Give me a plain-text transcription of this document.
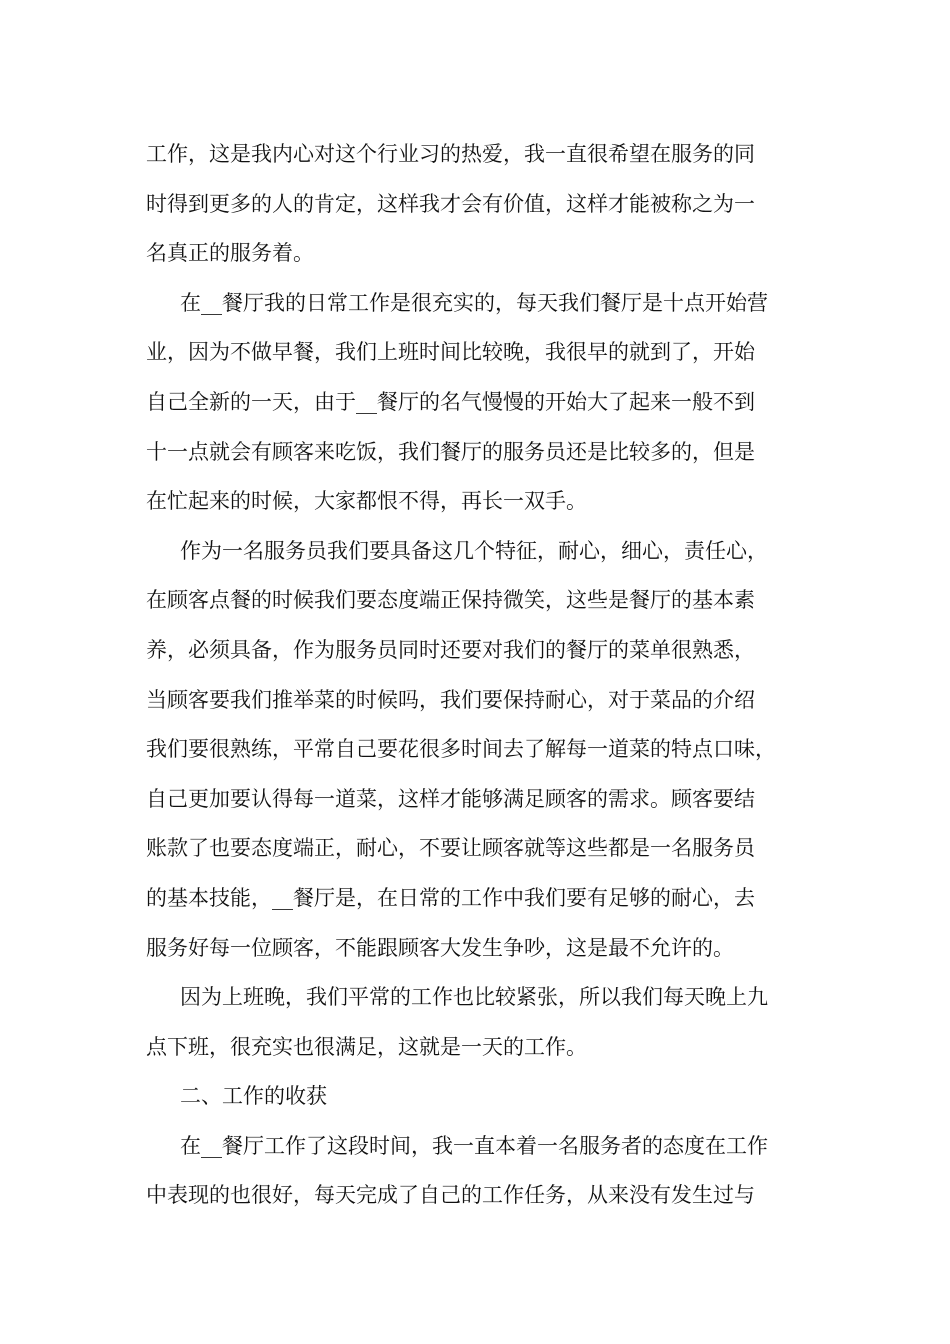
工作，这是我内心对这个行业习的热爱，我一直很希望在服务的同
时得到更多的人的肯定，这样我才会有价值，这样才能被称之为一
名真正的服务着。
在__餐厅我的日常工作是很充实的，每天我们餐厅是十点开始营
业，因为不做早餐，我们上班时间比较晚，我很早的就到了，开始
自己全新的一天，由于__餐厅的名气慢慢的开始大了起来一般不到
十一点就会有顾客来吃饭，我们餐厅的服务员还是比较多的，但是
在忙起来的时候，大家都恨不得，再长一双手。
作为一名服务员我们要具备这几个特征，耐心，细心，责任心，
在顾客点餐的时候我们要态度端正保持微笑，这些是餐厅的基本素
养，必须具备，作为服务员同时还要对我们的餐厅的菜单很熟悉，
当顾客要我们推举菜的时候吗，我们要保持耐心，对于菜品的介绍
我们要很熟练，平常自己要花很多时间去了解每一道菜的特点口味，
自己更加要认得每一道菜，这样才能够满足顾客的需求。顾客要结
账款了也要态度端正，耐心，不要让顾客就等这些都是一名服务员
的基本技能，__餐厅是，在日常的工作中我们要有足够的耐心，去
服务好每一位顾客，不能跟顾客大发生争吵，这是最不允许的。
因为上班晚，我们平常的工作也比较紧张，所以我们每天晚上九
点下班，很充实也很满足，这就是一天的工作。
二、工作的收获
在__餐厅工作了这段时间，我一直本着一名服务者的态度在工作
中表现的也很好，每天完成了自己的工作任务，从来没有发生过与
